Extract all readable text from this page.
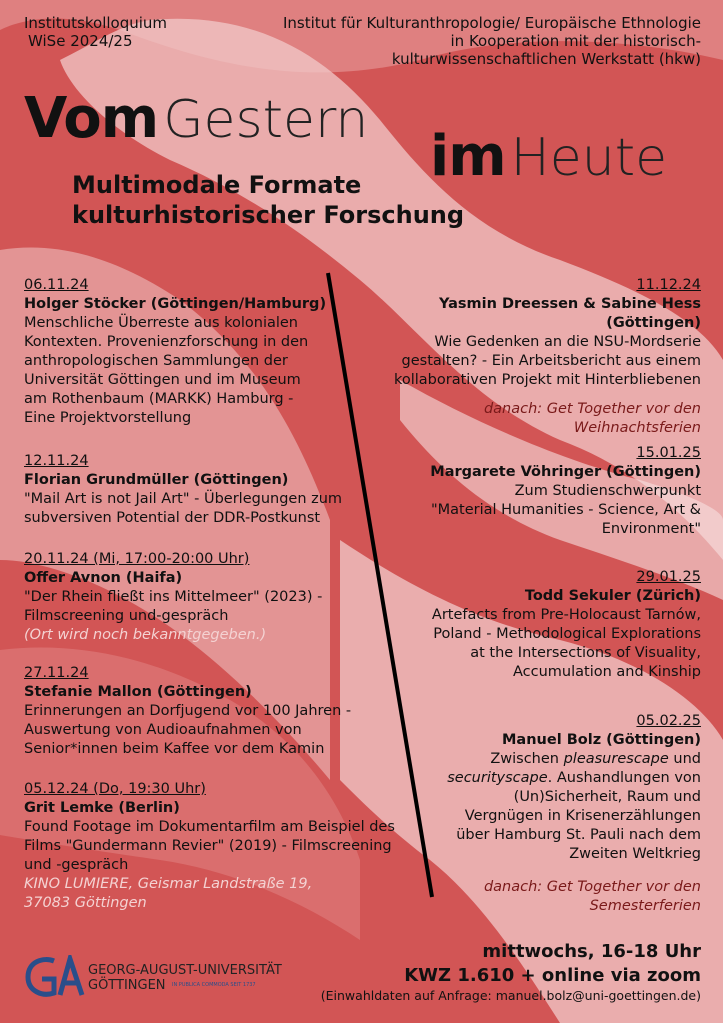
Institutskolloquium
WiSe 2024/25
Institut für Kulturanthropologie/ Europäische Ethnologie
in Kooperation mit der historisch-
kulturwissenschaftlichen Werkstatt (hkw)
Vom Gestern
im Heute
Multimodale Formate
kulturhistorischer Forschung
06.11.24
Holger Stöcker (Göttingen/Hamburg)
Menschliche Überreste aus kolonialen
Kontexten. Provenienzforschung in den
anthropologischen Sammlungen der
Universität Göttingen und im Museum
am Rothenbaum (MARKK) Hamburg -
Eine Projektvorstellung
12.11.24
Florian Grundmüller (Göttingen)
"Mail Art is not Jail Art" - Überlegungen zum
subversiven Potential der DDR-Postkunst
20.11.24 (Mi, 17:00-20:00 Uhr)
Offer Avnon (Haifa)
"Der Rhein fließt ins Mittelmeer" (2023) -
Filmscreening und-gespräch
(Ort wird noch bekanntgegeben.)
27.11.24
Stefanie Mallon (Göttingen)
Erinnerungen an Dorfjugend vor 100 Jahren -
Auswertung von Audioaufnahmen von
Senior*innen beim Kaffee vor dem Kamin
05.12.24 (Do, 19:30 Uhr)
Grit Lemke (Berlin)
Found Footage im Dokumentarfilm am Beispiel des
Films "Gundermann Revier" (2019) - Filmscreening
und -gespräch
KINO LUMIERE, Geismar Landstraße 19,
37083 Göttingen
11.12.24
Yasmin Dreessen & Sabine Hess (Göttingen)
Wie Gedenken an die NSU-Mordserie
gestalten? - Ein Arbeitsbericht aus einem
kollaborativen Projekt mit Hinterbliebenen
danach: Get Together vor den
Weihnachtsferien
15.01.25
Margarete Vöhringer (Göttingen)
Zum Studienschwerpunkt
"Material Humanities - Science, Art &
Environment"
29.01.25
Todd Sekuler (Zürich)
Artefacts from Pre-Holocaust Tarnów,
Poland - Methodological Explorations
at the Intersections of Visuality,
Accumulation and Kinship
05.02.25
Manuel Bolz (Göttingen)
Zwischen pleasurescape und
securityscape. Aushandlungen von
(Un)Sicherheit, Raum und
Vergnügen in Krisenerzählungen
über Hamburg St. Pauli nach dem
Zweiten Weltkrieg
danach: Get Together vor den
Semesterferien
GEORG-AUGUST-UNIVERSITÄT
GÖTTINGEN IN PUBLICA COMMODA SEIT 1737
mittwochs, 16-18 Uhr
KWZ 1.610 + online via zoom
(Einwahldaten auf Anfrage: manuel.bolz@uni-goettingen.de)
